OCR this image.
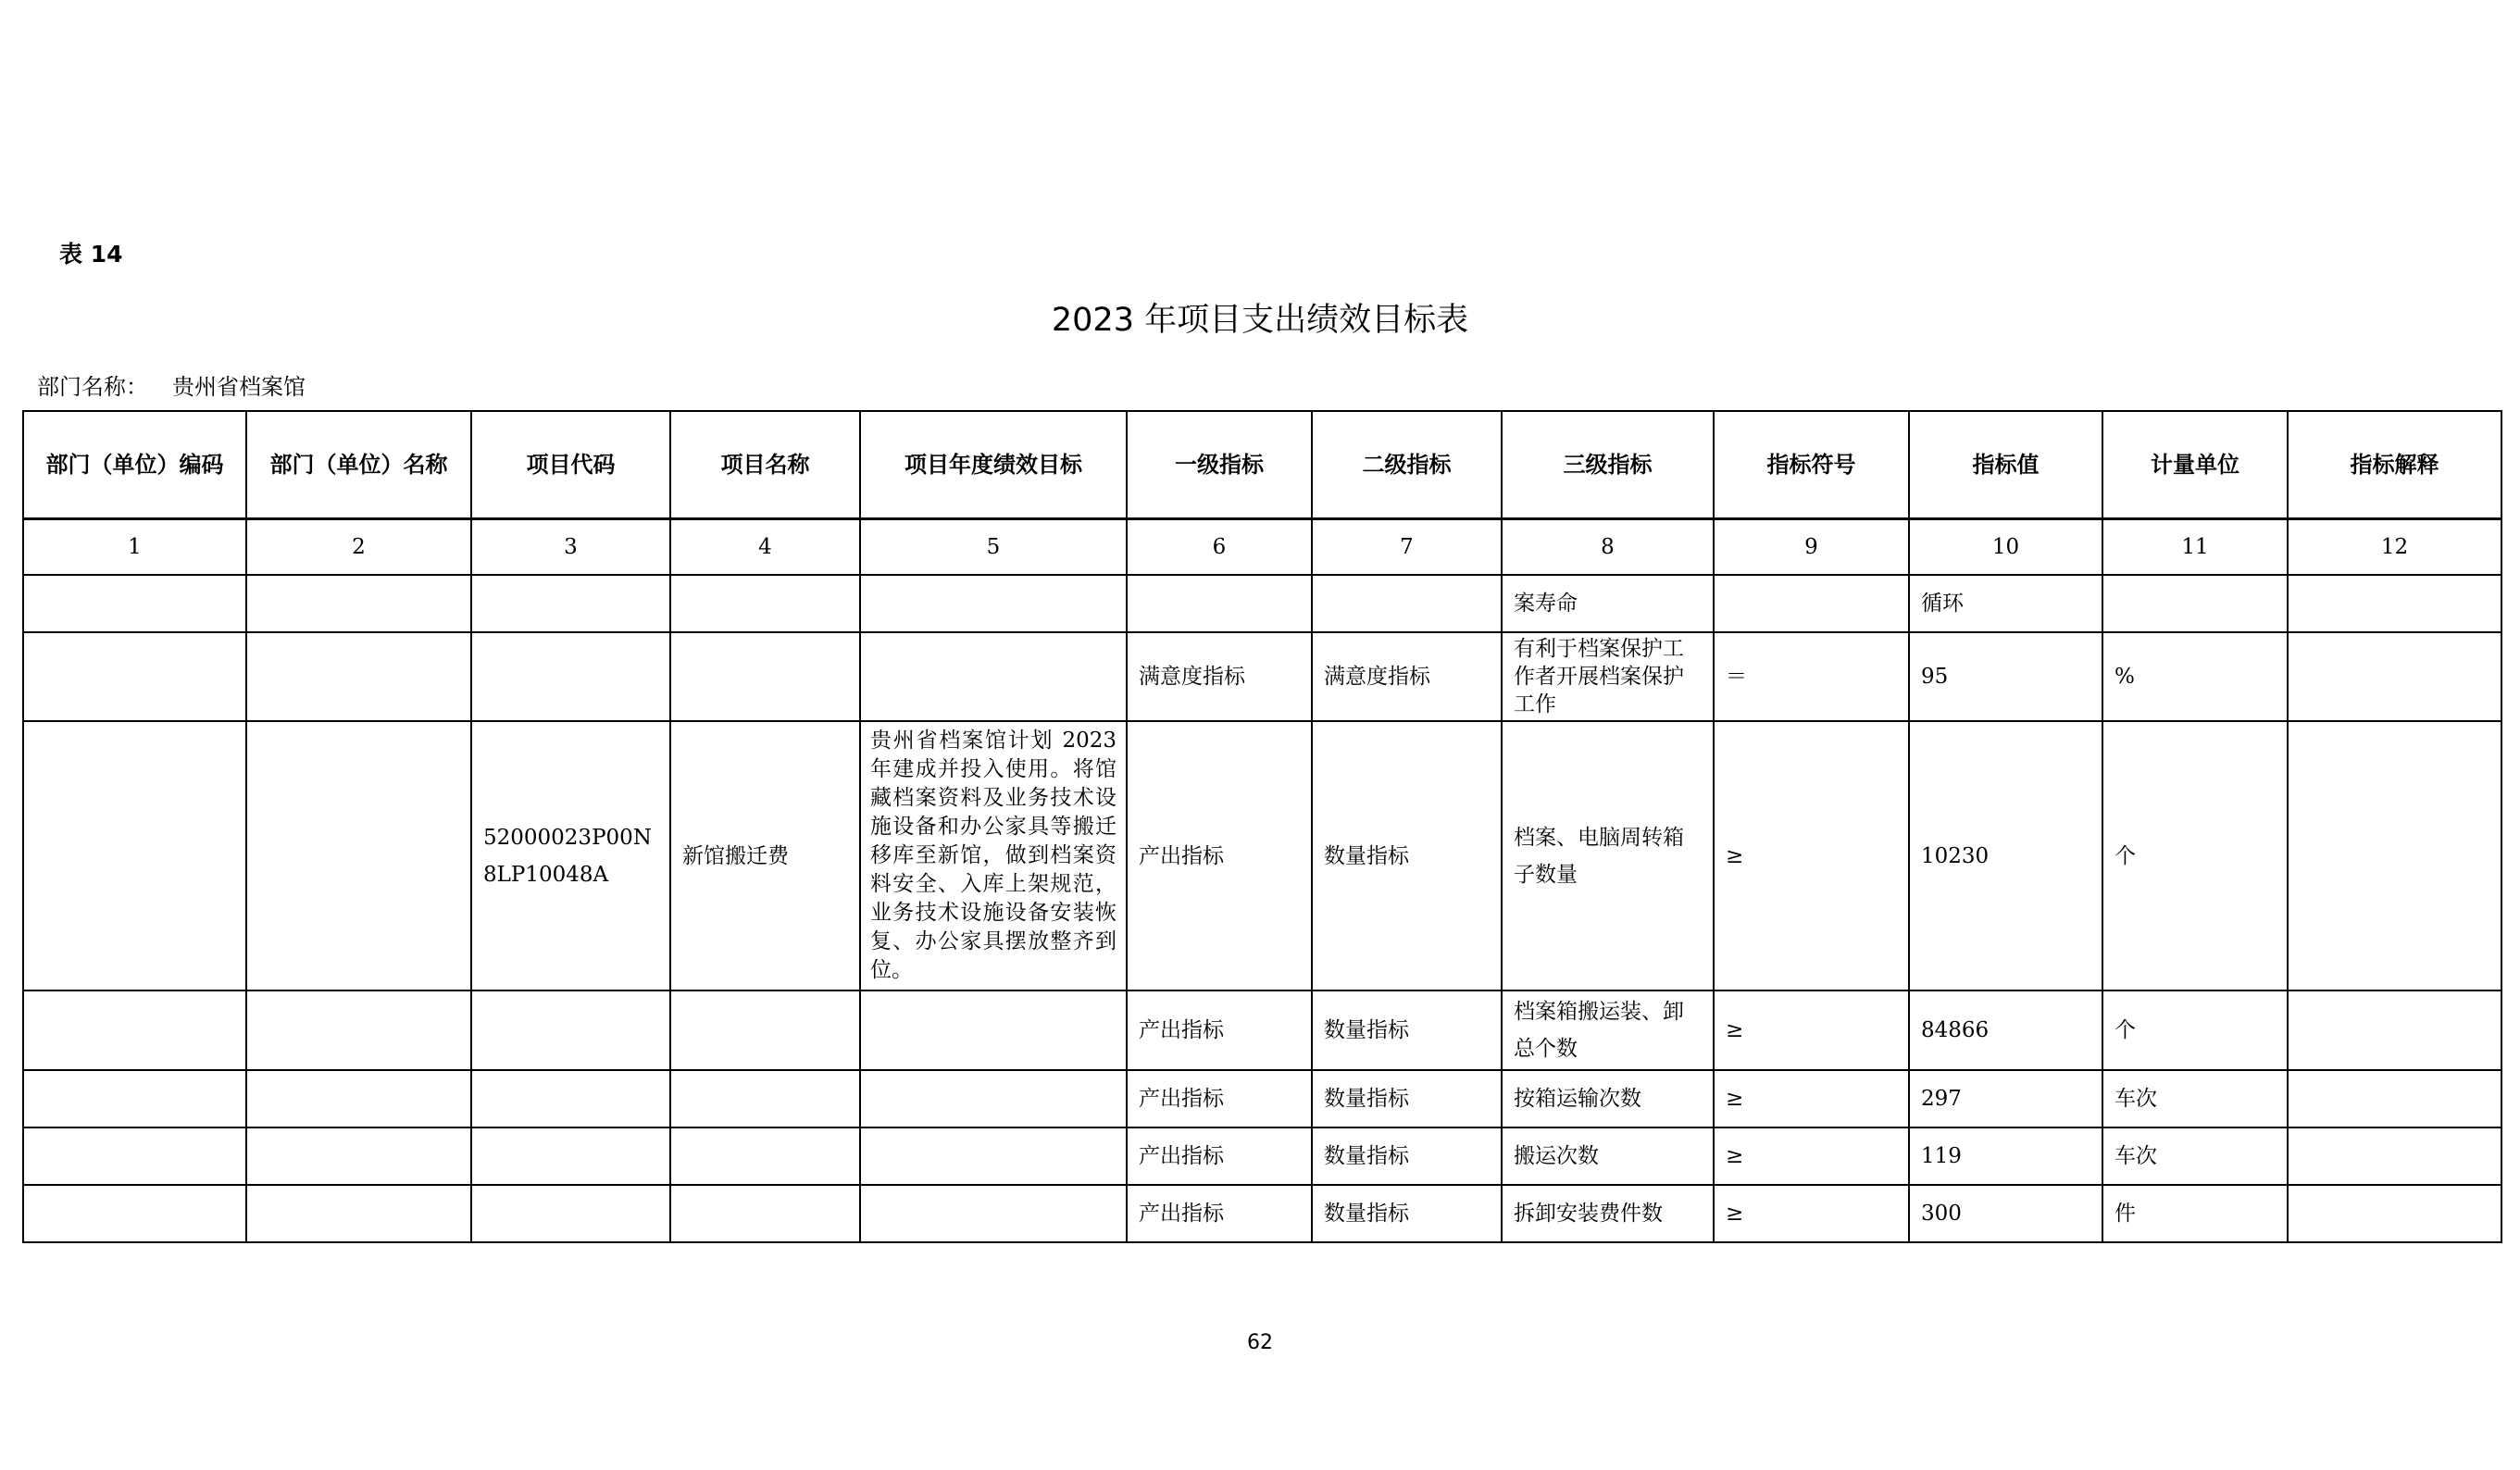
表 14
2023 年项目支出绩效目标表
部门名称： 贵州省档案馆
部门（单位）编码	部门（单位）名称	项目代码	项目名称	项目年度绩效目标	一级指标	二级指标	三级指标	指标符号	指标值	计量单位	指标解释
1	2	3	4	5	6	7	8	9	10	11	12
							案寿命		循环		
					满意度指标	满意度指标	有利于档案保护工作者开展档案保护工作	＝	95	%	
		52000023P00N8LP10048A	新馆搬迁费	贵州省档案馆计划 2023 年建成并投入使用。将馆藏档案资料及业务技术设施设备和办公家具等搬迁移库至新馆，做到档案资料安全、入库上架规范，业务技术设施设备安装恢复、办公家具摆放整齐到位。	产出指标	数量指标	档案、电脑周转箱子数量	≥	10230	个	
					产出指标	数量指标	档案箱搬运装、卸总个数	≥	84866	个	
					产出指标	数量指标	按箱运输次数	≥	297	车次	
					产出指标	数量指标	搬运次数	≥	119	车次	
					产出指标	数量指标	拆卸安装费件数	≥	300	件	
62
